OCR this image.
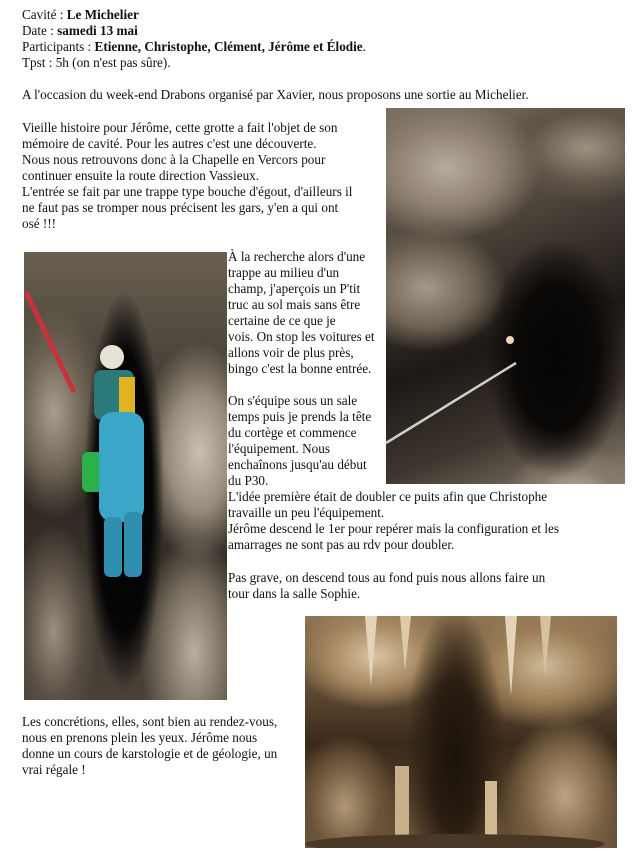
Cavité : Le Michelier
Date : samedi 13 mai
Participants : Etienne, Christophe, Clément, Jérôme et Élodie.
Tpst : 5h (on n'est pas sûre).
A l'occasion du week-end Drabons organisé par Xavier, nous proposons une sortie au Michelier.
Vieille histoire pour Jérôme, cette grotte a fait l'objet de son
mémoire de cavité. Pour les autres c'est une découverte.
Nous nous retrouvons donc à la Chapelle en Vercors pour
continuer ensuite la route direction Vassieux.
L'entrée se fait par une trappe type bouche d'égout, d'ailleurs il
ne faut pas se tromper nous précisent les gars, y'en a qui ont
osé !!!
À la recherche alors d'une
trappe au milieu d'un
champ, j'aperçois un P'tit
truc au sol mais sans être
certaine de ce que je
vois. On stop les voitures et
allons voir de plus près,
bingo c'est la bonne entrée.
On s'équipe sous un sale
temps puis je prends la tête
du cortège et commence
l'équipement. Nous
enchaînons jusqu'au début
du P30.
L'idée première était de doubler ce puits afin que Christophe
travaille un peu l'équipement.
Jérôme descend le 1er pour repérer mais la configuration et les
amarrages ne sont pas au rdv pour doubler.
Pas grave, on descend tous au fond puis nous allons faire un
tour dans la salle Sophie.
Les concrétions, elles, sont bien au rendez-vous,
nous en prenons plein les yeux. Jérôme nous
donne un cours de karstologie et de géologie, un
vrai régale !
